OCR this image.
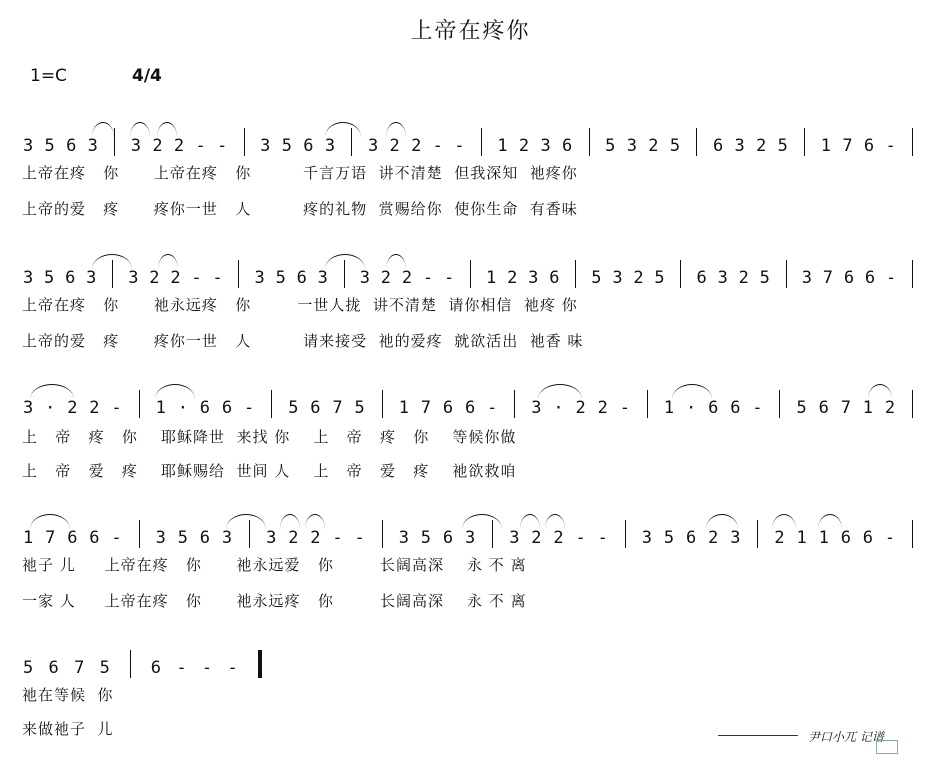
上帝在疼你
1=C	4/4
3 5 6 3 3 2 2 - - 3 5 6 3 3 2 2 - - 1 2 3 6 5 3 2 5 6 3 2 5 1 7 6 -
上帝在疼   你      上帝在疼   你         千言万语  讲不清楚  但我深知  祂疼你
上帝的爱   疼      疼你一世   人         疼的礼物  赏赐给你  使你生命  有香味
3 5 6 3 3 2 2 - - 3 5 6 3 3 2 2 - - 1 2 3 6 5 3 2 5 6 3 2 5 3 7 6 6 -
上帝在疼   你      祂永远疼   你        一世人拢  讲不清楚  请你相信  祂疼 你
上帝的爱   疼      疼你一世   人         请来接受  祂的爱疼  就欲活出  祂香 味
3 · 2 2 - 1 · 6 6 - 5 6 7 5 1 7 6 6 - 3 · 2 2 - 1 · 6 6 - 5 6 7 1 2
上   帝   疼   你    耶稣降世  来找 你    上   帝   疼   你    等候你做
上   帝   爱   疼    耶稣赐给  世间 人    上   帝   爱   疼    祂欲救咱
1 7 6 6 - 3 5 6 3 3 2 2 - - 3 5 6 3 3 2 2 - - 3 5 6 2 3 2 1 1 6 6 -
祂子 儿     上帝在疼   你      祂永远爱   你        长阔高深    永 不 离
一家 人     上帝在疼   你      祂永远疼   你        长阔高深    永 不 离
5 6 7 5 6 - - -
祂在等候  你
来做祂子  儿	尹口小兀 记谱
